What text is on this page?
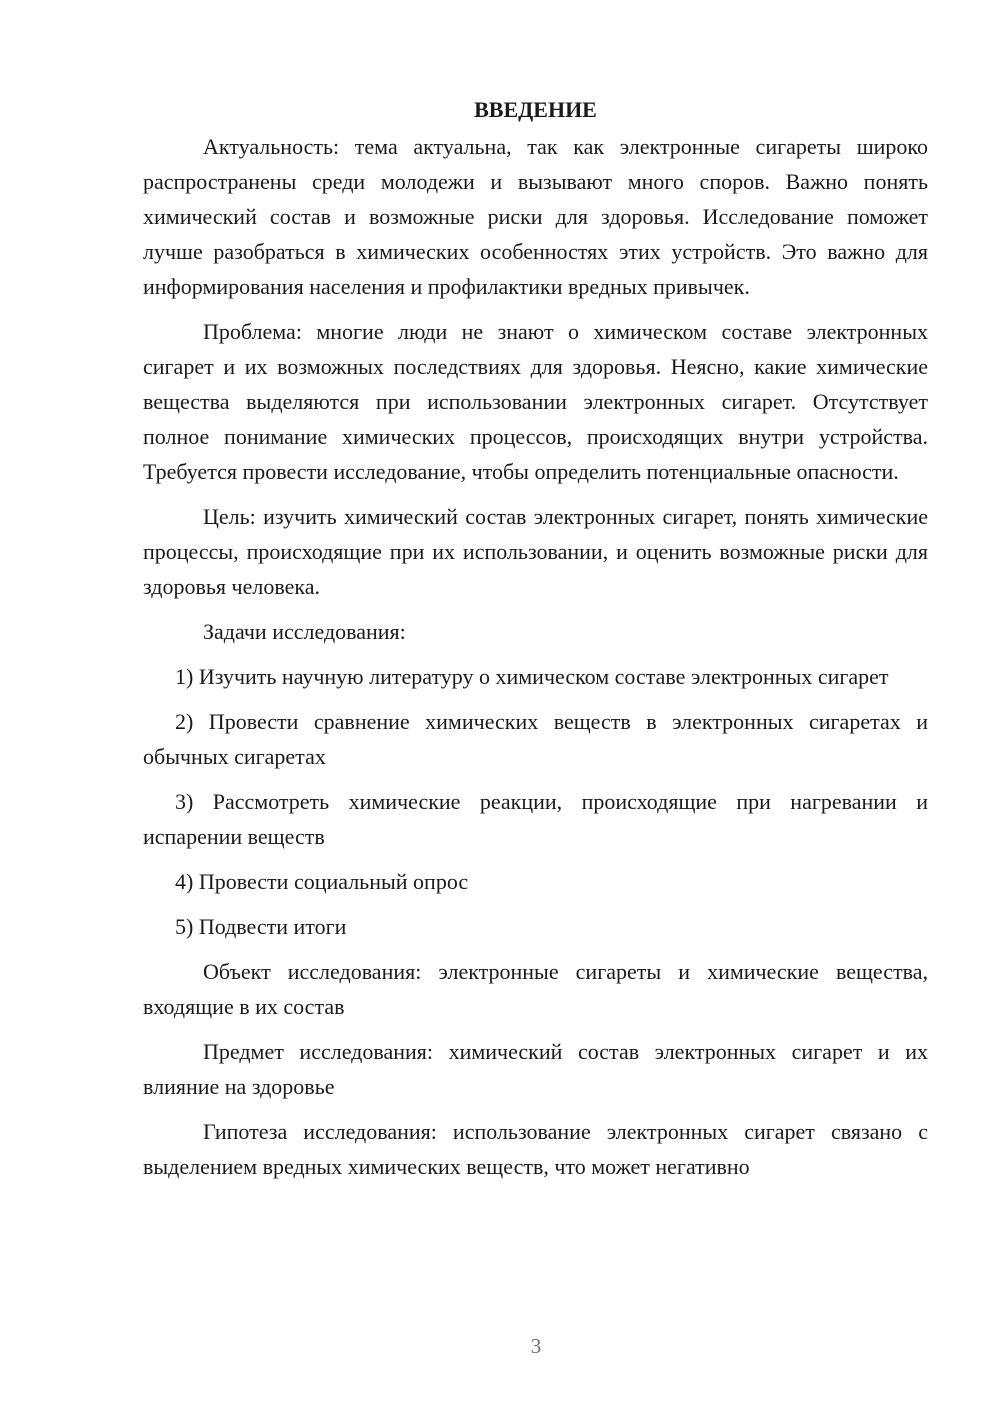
ВВЕДЕНИЕ

Актуальность: тема актуальна, так как электронные сигареты широко распространены среди молодежи и вызывают много споров. Важно понять химический состав и возможные риски для здоровья. Исследование поможет лучше разобраться в химических особенностях этих устройств. Это важно для информирования населения и профилактики вредных привычек.

Проблема: многие люди не знают о химическом составе электронных сигарет и их возможных последствиях для здоровья. Неясно, какие химические вещества выделяются при использовании электронных сигарет. Отсутствует полное понимание химических процессов, происходящих внутри устройства. Требуется провести исследование, чтобы определить потенциальные опасности.

Цель: изучить химический состав электронных сигарет, понять химические процессы, происходящие при их использовании, и оценить возможные риски для здоровья человека.

Задачи исследования:

1) Изучить научную литературу о химическом составе электронных сигарет

2) Провести сравнение химических веществ в электронных сигаретах и обычных сигаретах

3) Рассмотреть химические реакции, происходящие при нагревании и испарении веществ

4) Провести социальный опрос

5) Подвести итоги

Объект исследования: электронные сигареты и химические вещества, входящие в их состав

Предмет исследования: химический состав электронных сигарет и их влияние на здоровье

Гипотеза исследования: использование электронных сигарет связано с выделением вредных химических веществ, что может негативно

3
